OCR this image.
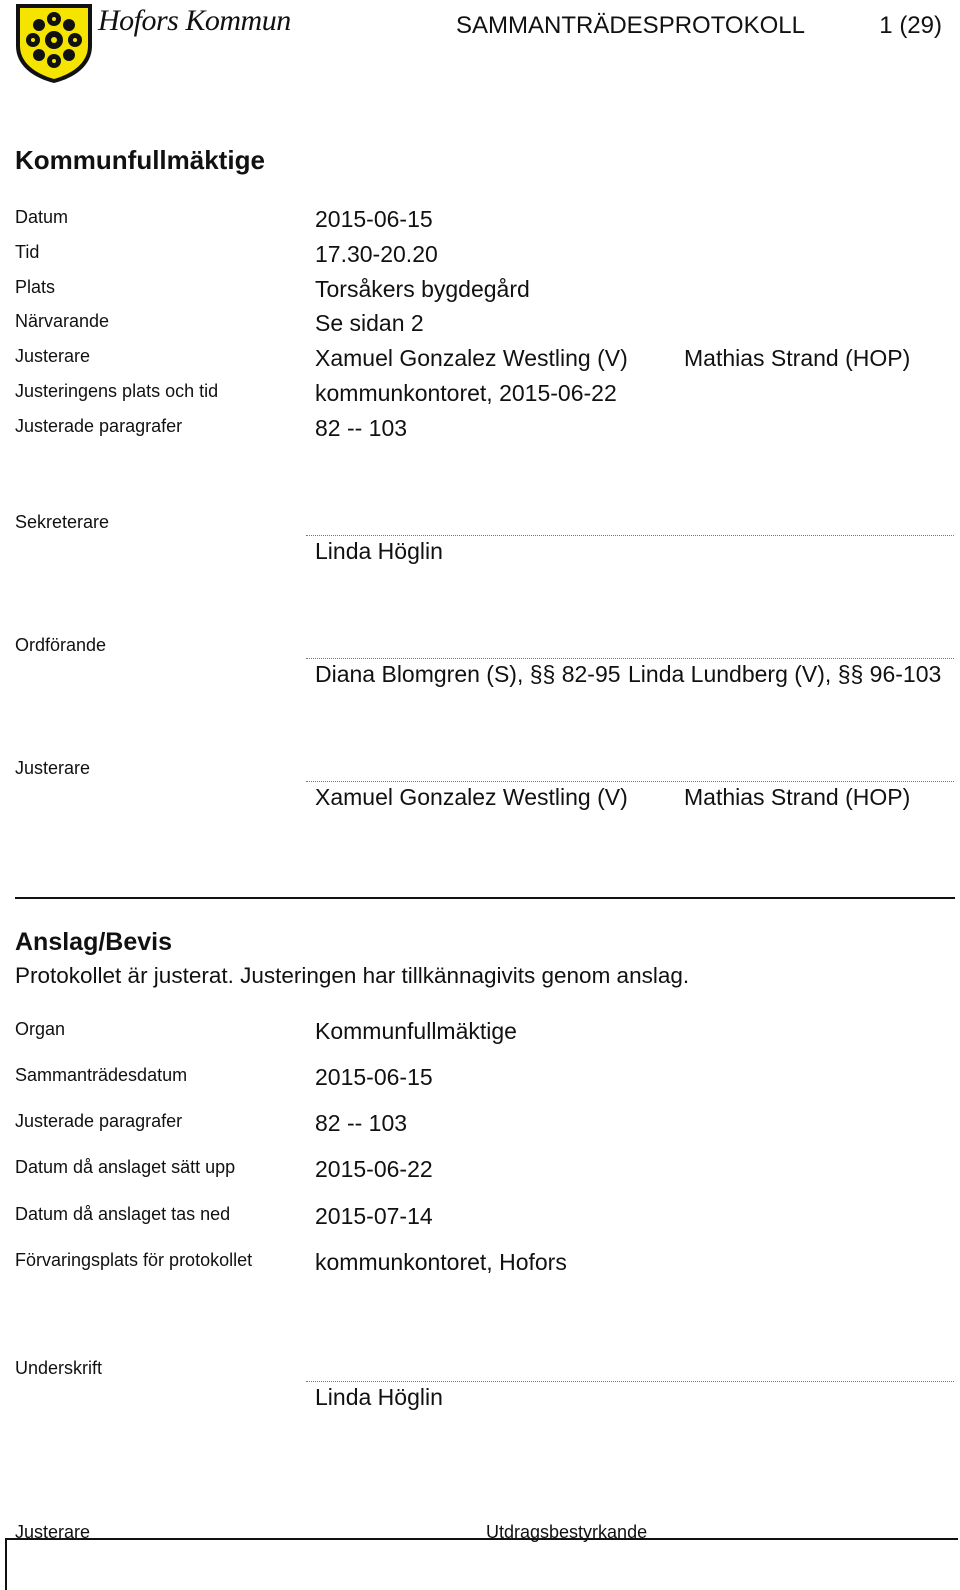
Hofors Kommun	SAMMANTRÄDESPROTOKOLL	1 (29)
Kommunfullmäktige
Datum	2015-06-15
Tid	17.30-20.20
Plats	Torsåkers bygdegård
Närvarande	Se sidan 2
Justerare	Xamuel Gonzalez Westling (V) Mathias Strand (HOP)
Justeringens plats och tid	kommunkontoret, 2015-06-22
Justerade paragrafer	82 -- 103
Sekreterare
Linda Höglin
Ordförande
Diana Blomgren (S), §§ 82-95 Linda Lundberg (V), §§ 96-103
Justerare
Xamuel Gonzalez Westling (V) Mathias Strand (HOP)
Anslag/Bevis
Protokollet är justerat. Justeringen har tillkännagivits genom anslag.
Organ	Kommunfullmäktige
Sammanträdesdatum	2015-06-15
Justerade paragrafer	82 -- 103
Datum då anslaget sätt upp	2015-06-22
Datum då anslaget tas ned	2015-07-14
Förvaringsplats för protokollet	kommunkontoret, Hofors
Underskrift
Linda Höglin
Justerare	Utdragsbestyrkande
